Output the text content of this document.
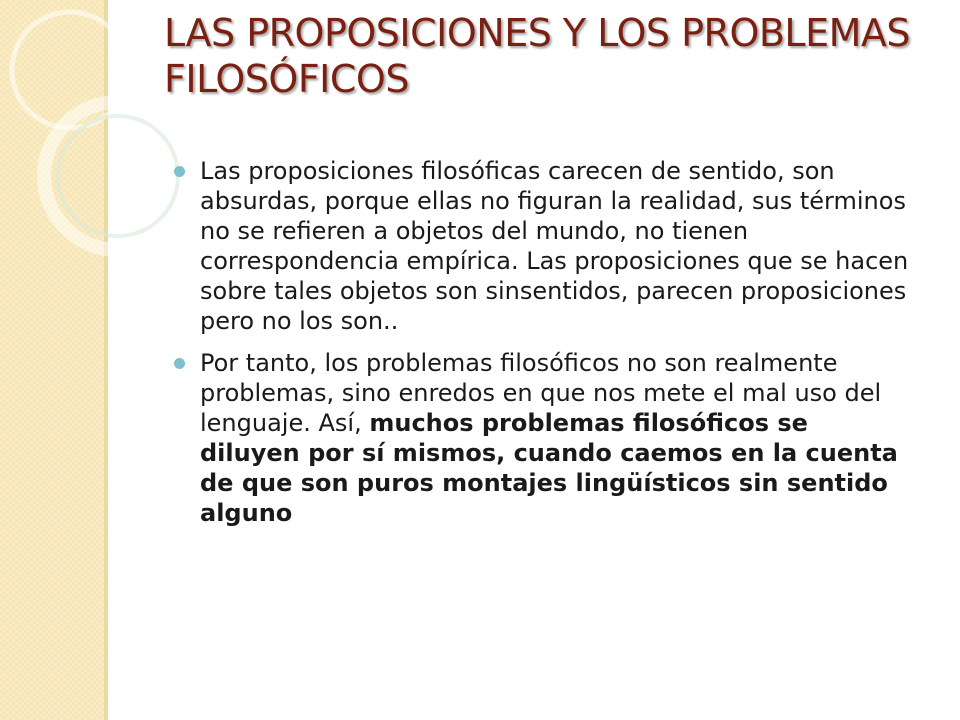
LAS PROPOSICIONES Y LOS PROBLEMAS FILOSÓFICOS
Las proposiciones filosóficas carecen de sentido, son absurdas, porque ellas no figuran la realidad, sus términos no se refieren a objetos del mundo, no tienen correspondencia empírica. Las proposiciones que se hacen sobre tales objetos son sinsentidos, parecen proposiciones pero no los son..
Por tanto, los problemas filosóficos no son realmente problemas, sino enredos en que nos mete el mal uso del lenguaje. Así, muchos problemas filosóficos se diluyen por sí mismos, cuando caemos en la cuenta de que son puros montajes lingüísticos sin sentido alguno
